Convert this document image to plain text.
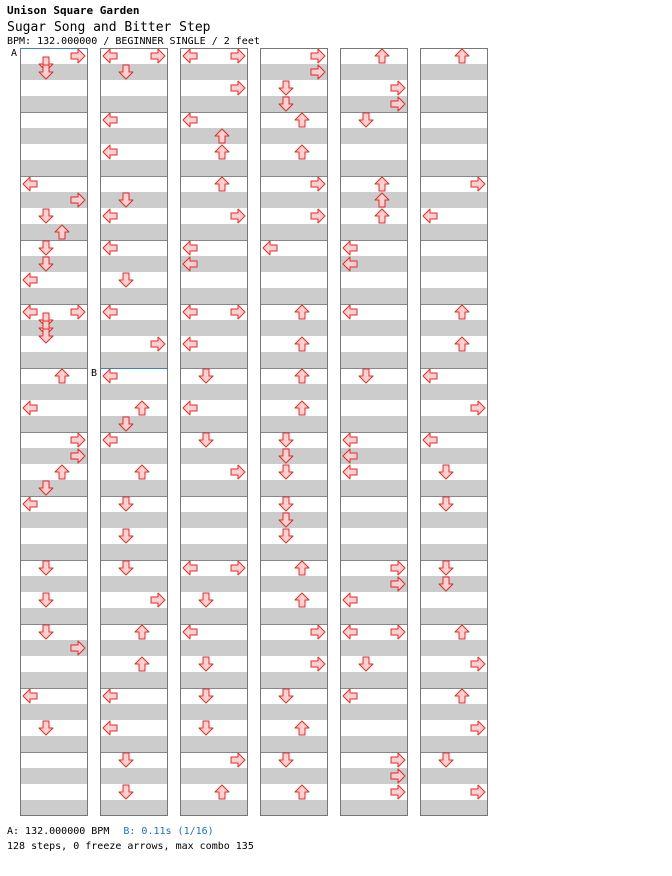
Unison Square Garden
Sugar Song and Bitter Step
BPM: 132.000000 / BEGINNER SINGLE / 2 feet
A
B
A: 132.000000 BPM B: 0.11s (1/16)
128 steps, 0 freeze arrows, max combo 135
